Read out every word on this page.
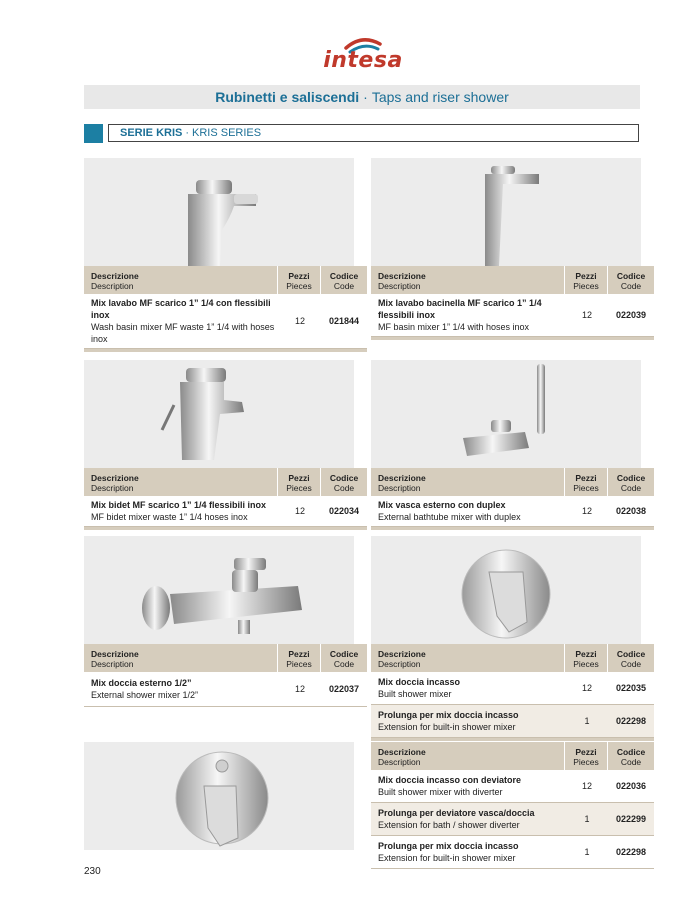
intesa
Rubinetti e saliscendi · Taps and riser shower
SERIE KRIS · KRIS SERIES
Descrizione
Description
Pezzi
Pieces
Codice
Code
Mix lavabo MF scarico 1” 1/4 con flessibili inox
Wash basin mixer MF waste 1” 1/4 with hoses inox
12	021844
Descrizione
Description
Pezzi
Pieces
Codice
Code
Mix lavabo bacinella MF scarico 1” 1/4 flessibili inox
MF basin mixer 1” 1/4 with hoses inox
12	022039
Descrizione
Description
Pezzi
Pieces
Codice
Code
Mix bidet MF scarico 1” 1/4 flessibili inox
MF bidet mixer waste 1” 1/4 hoses inox
12	022034
Descrizione
Description
Pezzi
Pieces
Codice
Code
Mix vasca esterno con duplex
External bathtube mixer with duplex
12	022038
Descrizione
Description
Pezzi
Pieces
Codice
Code
Mix doccia esterno 1/2”
External shower mixer 1/2”
12	022037
Descrizione
Description
Pezzi
Pieces
Codice
Code
Mix doccia incasso
Built shower mixer
12	022035
Prolunga per mix doccia incasso
Extension for built-in shower mixer
1	022298
Descrizione
Description
Pezzi
Pieces
Codice
Code
Mix doccia incasso con deviatore
Built shower mixer with diverter
12	022036
Prolunga per deviatore vasca/doccia
Extension for bath / shower diverter
1	022299
Prolunga per mix doccia incasso
Extension for built-in shower mixer
1	022298
230
